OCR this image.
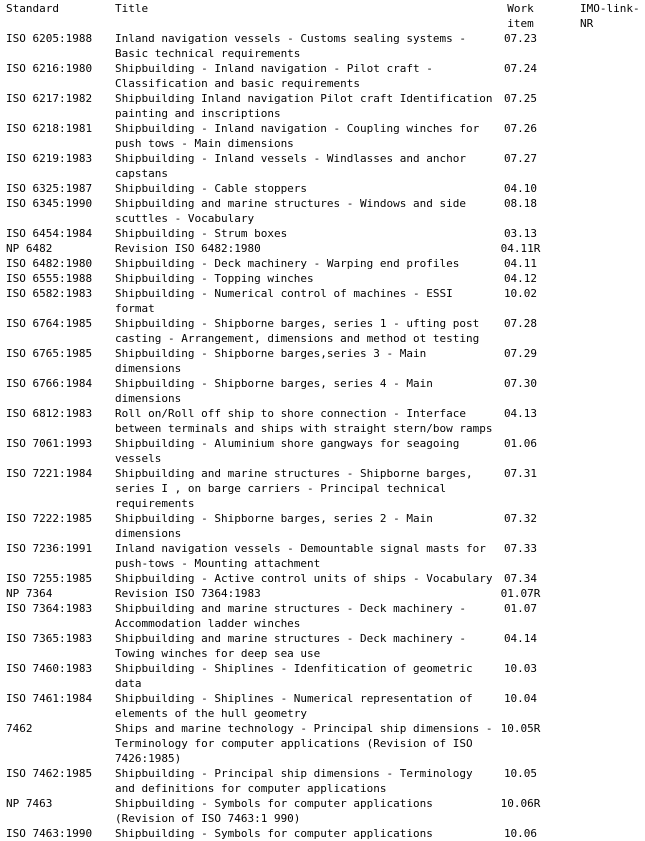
Standard	Title	Work item	IMO-link-NR
ISO 6205:1988	Inland navigation vessels - Customs sealing systems - Basic technical requirements	07.23	
ISO 6216:1980	Shipbuilding - Inland navigation - Pilot craft - Classification and basic requirements	07.24	
ISO 6217:1982	Shipbuilding Inland navigation Pilot craft Identification painting and inscriptions	07.25	
ISO 6218:1981	Shipbuilding - Inland navigation - Coupling winches for push tows - Main dimensions	07.26	
ISO 6219:1983	Shipbuilding - Inland vessels - Windlasses and anchor capstans	07.27	
ISO 6325:1987	Shipbuilding - Cable stoppers	04.10	
ISO 6345:1990	Shipbuilding and marine structures - Windows and side scuttles - Vocabulary	08.18	
ISO 6454:1984	Shipbuilding - Strum boxes	03.13	
NP 6482	Revision ISO 6482:1980	04.11R	
ISO 6482:1980	Shipbuilding - Deck machinery - Warping end profiles	04.11	
ISO 6555:1988	Shipbuilding - Topping winches	04.12	
ISO 6582:1983	Shipbuilding - Numerical control of machines - ESSI format	10.02	
ISO 6764:1985	Shipbuilding - Shipborne barges, series 1 - ufting post casting - Arrangement, dimensions and method ot testing	07.28	
ISO 6765:1985	Shipbuilding - Shipborne barges,series 3 - Main dimensions	07.29	
ISO 6766:1984	Shipbuilding - Shipborne barges, series 4 - Main dimensions	07.30	
ISO 6812:1983	Roll on/Roll off ship to shore connection - Interface between terminals and ships with straight stern/bow ramps	04.13	
ISO 7061:1993	Shipbuilding - Aluminium shore gangways for seagoing vessels	01.06	
ISO 7221:1984	Shipbuilding and marine structures - Shipborne barges, series I , on barge carriers - Principal technical requirements	07.31	
ISO 7222:1985	Shipbuilding - Shipborne barges, series 2 - Main dimensions	07.32	
ISO 7236:1991	Inland navigation vessels - Demountable signal masts for push-tows - Mounting attachment	07.33	
ISO 7255:1985	Shipbuilding - Active control units of ships - Vocabulary	07.34	
NP 7364	Revision ISO 7364:1983	01.07R	
ISO 7364:1983	Shipbuilding and marine structures - Deck machinery - Accommodation ladder winches	01.07	
ISO 7365:1983	Shipbuilding and marine structures - Deck machinery - Towing winches for deep sea use	04.14	
ISO 7460:1983	Shipbuilding - Shiplines - Idenfitication of geometric data	10.03	
ISO 7461:1984	Shipbuilding - Shiplines - Numerical representation of elements of the hull geometry	10.04	
7462	Ships and marine technology - Principal ship dimensions - Terminology for computer applications (Revision of ISO 7426:1985)	10.05R	
ISO 7462:1985	Shipbuilding - Principal ship dimensions - Terminology and definitions for computer applications	10.05	
NP 7463	Shipbuilding - Symbols for computer applications (Revision of ISO 7463:1 990)	10.06R	
ISO 7463:1990	Shipbuilding - Symbols for computer applications	10.06	
